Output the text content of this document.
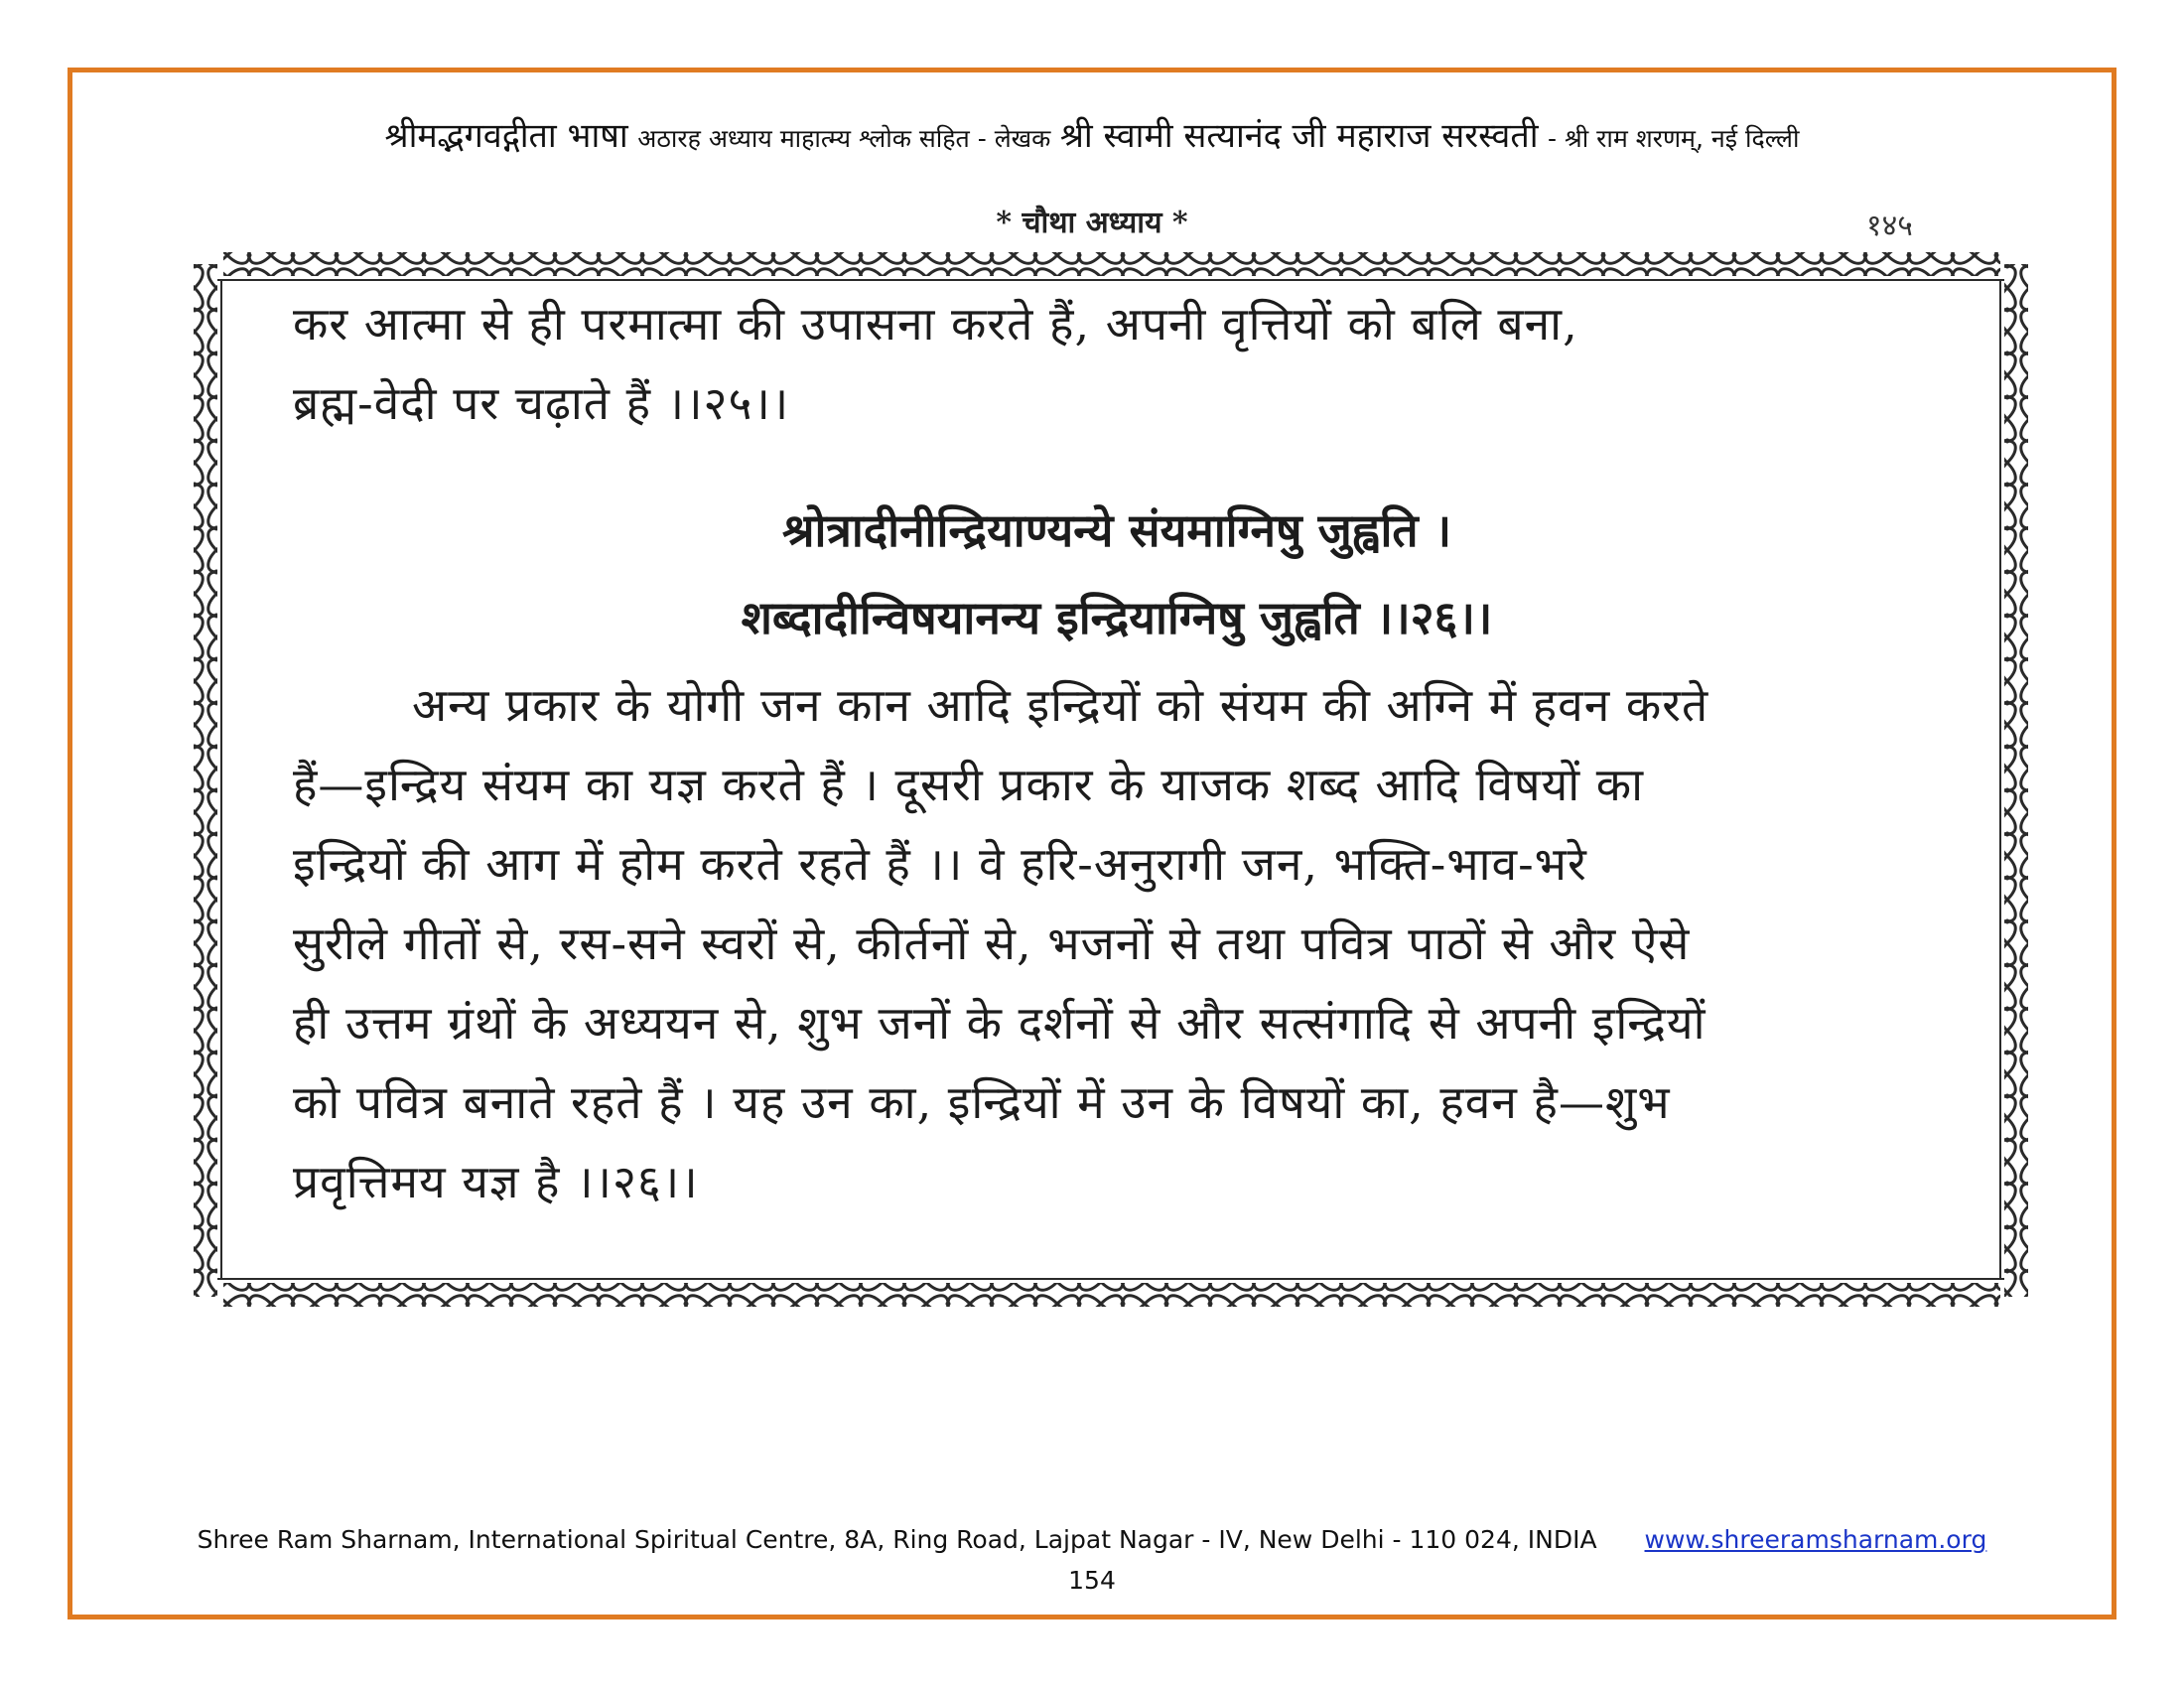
श्रीमद्भगवद्गीता भाषा अठारह अध्याय माहात्म्य श्लोक सहित - लेखक श्री स्वामी सत्यानंद जी महाराज सरस्वती - श्री राम शरणम्, नई दिल्ली
* चौथा अध्याय *	१४५
कर आत्मा से ही परमात्मा की उपासना करते हैं, अपनी वृत्तियों को बलि बना,
ब्रह्म-वेदी पर चढ़ाते हैं ।।२५।।
श्रोत्रादीनीन्द्रियाण्यन्ये संयमाग्निषु जुह्वति ।
शब्दादीन्विषयानन्य इन्द्रियाग्निषु जुह्वति ।।२६।।
अन्य प्रकार के योगी जन कान आदि इन्द्रियों को संयम की अग्नि में हवन करते
हैं—इन्द्रिय संयम का यज्ञ करते हैं । दूसरी प्रकार के याजक शब्द आदि विषयों का
इन्द्रियों की आग में होम करते रहते हैं ।। वे हरि-अनुरागी जन, भक्ति-भाव-भरे
सुरीले गीतों से, रस-सने स्वरों से, कीर्तनों से, भजनों से तथा पवित्र पाठों से और ऐसे
ही उत्तम ग्रंथों के अध्ययन से, शुभ जनों के दर्शनों से और सत्संगादि से अपनी इन्द्रियों
को पवित्र बनाते रहते हैं । यह उन का, इन्द्रियों में उन के विषयों का, हवन है—शुभ
प्रवृत्तिमय यज्ञ है ।।२६।।
Shree Ram Sharnam, International Spiritual Centre, 8A, Ring Road, Lajpat Nagar - IV, New Delhi - 110 024, INDIA www.shreeramsharnam.org
154
